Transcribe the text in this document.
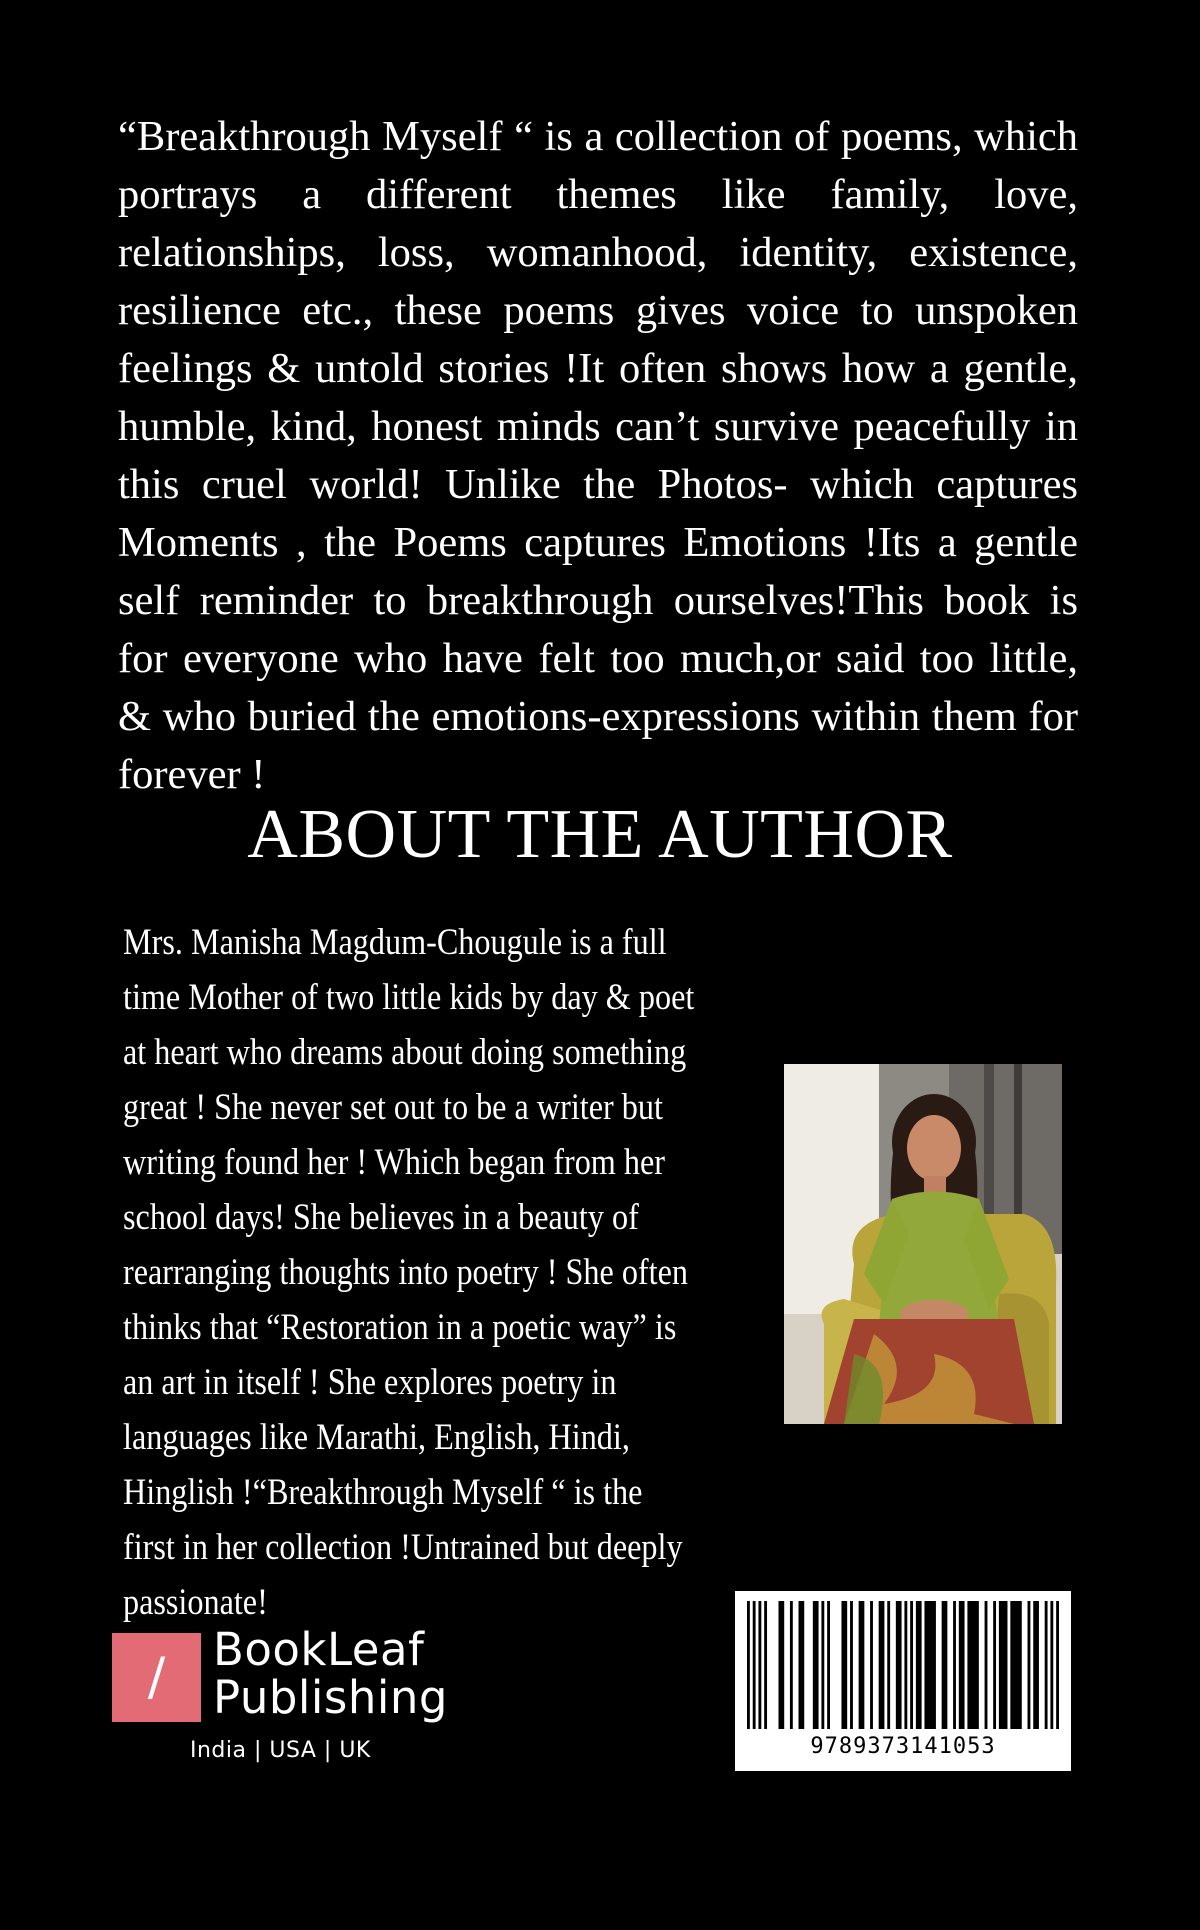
“Breakthrough Myself “ is a collection of poems, which portrays a different themes like family, love, relationships, loss, womanhood, identity, existence, resilience etc., these poems gives voice to unspoken feelings & untold stories !It often shows how a gentle, humble, kind, honest minds can’t survive peacefully in this cruel world! Unlike the Photos- which captures Moments , the Poems captures Emotions !Its a gentle self reminder to breakthrough ourselves!This book is for everyone who have felt too much,or said too little, & who buried the emotions-expressions within them for forever !

ABOUT THE AUTHOR

Mrs. Manisha Magdum-Chougule is a full time Mother of two little kids by day & poet at heart who dreams about doing something great ! She never set out to be a writer but writing found her ! Which began from her school days! She believes in a beauty of rearranging thoughts into poetry ! She often thinks that “Restoration in a poetic way” is an art in itself ! She explores poetry in languages like Marathi, English, Hindi, Hinglish !“Breakthrough Myself “ is the first in her collection !Untrained but deeply passionate!

/	BookLeaf
Publishing
India | USA | UK	9789373141053
